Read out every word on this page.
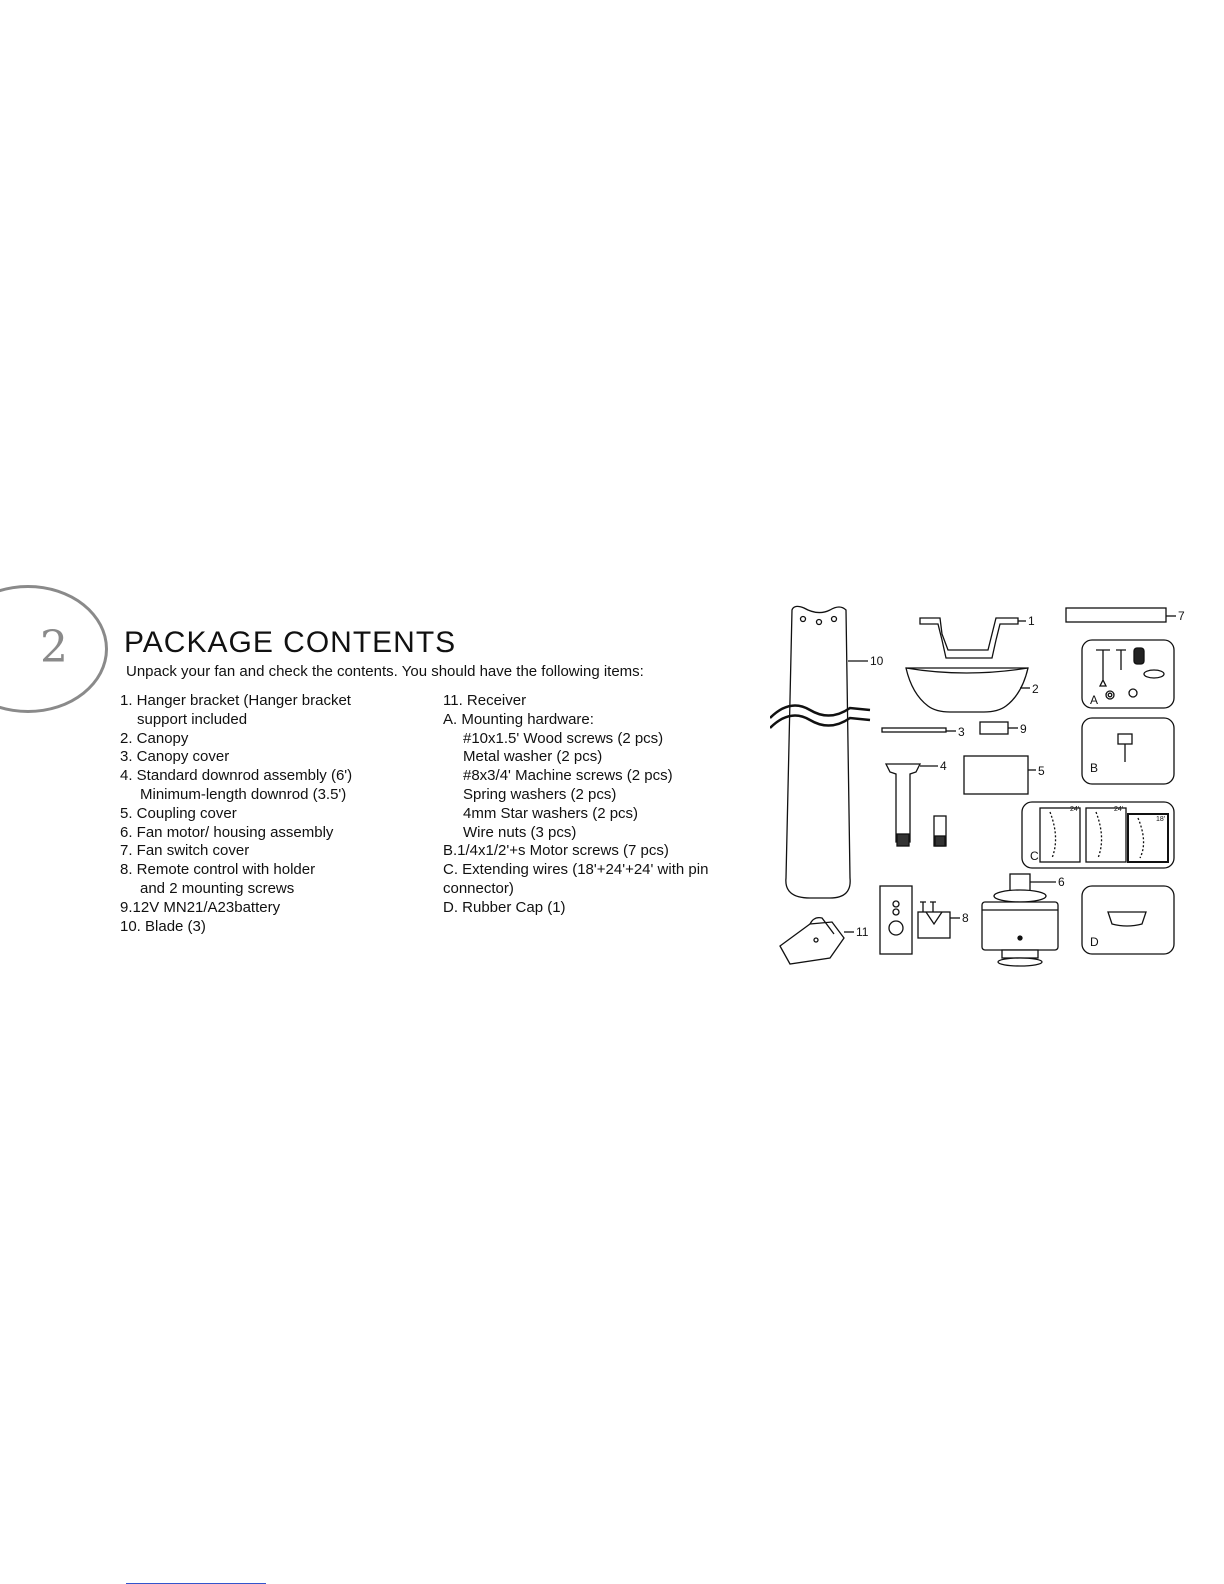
2 PACKAGE CONTENTS
Unpack your fan and check the contents. You should have the following items:
1. Hanger bracket (Hanger bracket
support included
2. Canopy
3. Canopy cover
4. Standard downrod assembly (6')
Minimum-length downrod (3.5')
5. Coupling cover
6. Fan motor/ housing assembly
7. Fan switch cover
8. Remote control with holder
and 2 mounting screws
9.12V MN21/A23battery
10. Blade (3)
11. Receiver
A. Mounting hardware:
#10x1.5' Wood screws (2 pcs)
Metal washer (2 pcs)
#8x3/4' Machine screws (2 pcs)
Spring washers (2 pcs)
4mm Star washers (2 pcs)
Wire nuts (3 pcs)
B.1/4x1/2'+s Motor screws (7 pcs)
C. Extending wires (18'+24'+24' with pin
connector)
D. Rubber Cap (1)
10
1	7
2
A
3	9
B
4	5
24'	24'
18'
C
6
D
8
11
